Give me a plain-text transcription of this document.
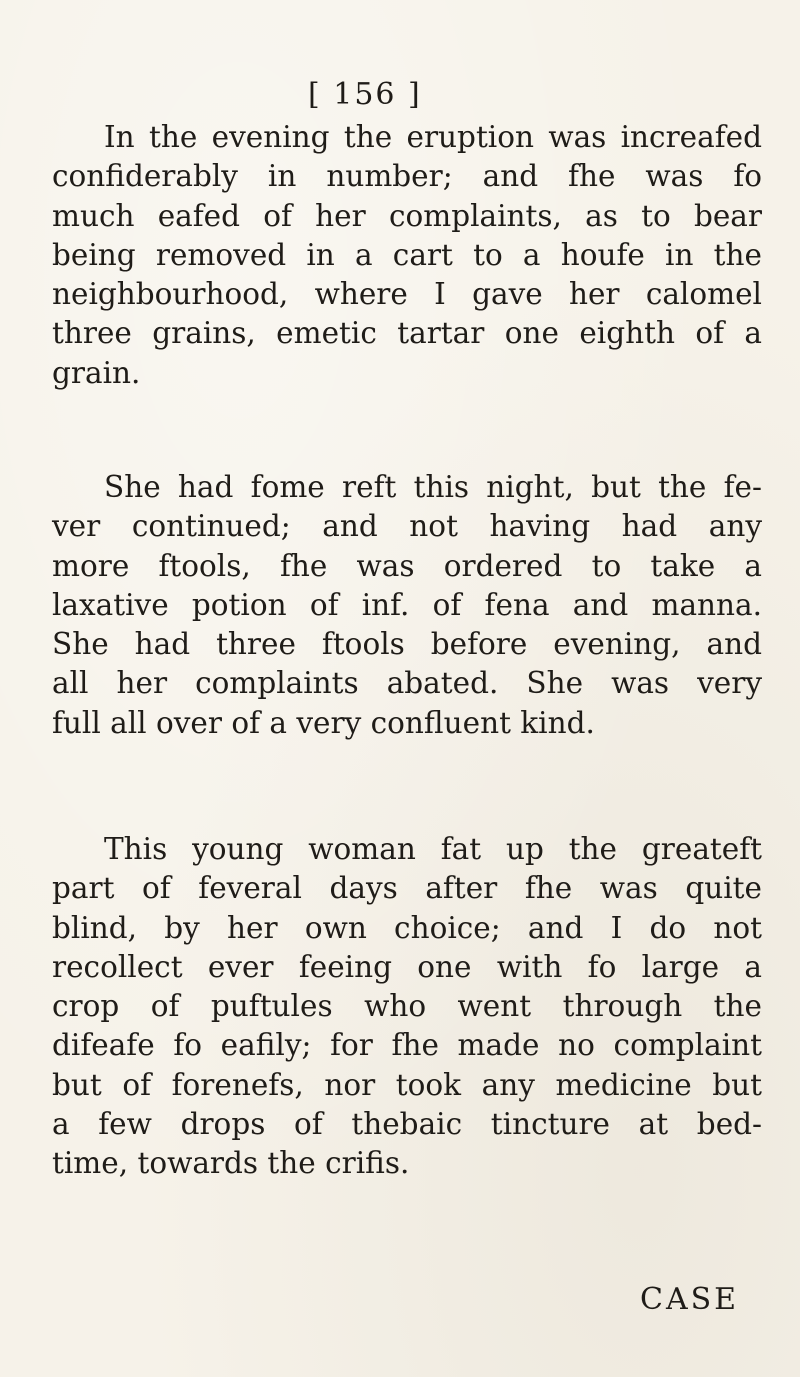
[ 156 ]
In the evening the eruption was increafed
confiderably in number; and fhe was fo
much eafed of her complaints, as to bear
being removed in a cart to a houfe in the
neighbourhood, where I gave her calomel
three grains, emetic tartar one eighth of a
grain.
She had fome reft this night, but the fe-
ver continued; and not having had any
more ftools, fhe was ordered to take a
laxative potion of inf. of fena and manna.
She had three ftools before evening, and
all her complaints abated. She was very
full all over of a very confluent kind.
This young woman fat up the greateft
part of feveral days after fhe was quite
blind, by her own choice; and I do not
recollect ever feeing one with fo large a
crop of puftules who went through the
difeafe fo eafily; for fhe made no complaint
but of forenefs, nor took any medicine but
a few drops of thebaic tincture at bed-
time, towards the crifis.
CASE
